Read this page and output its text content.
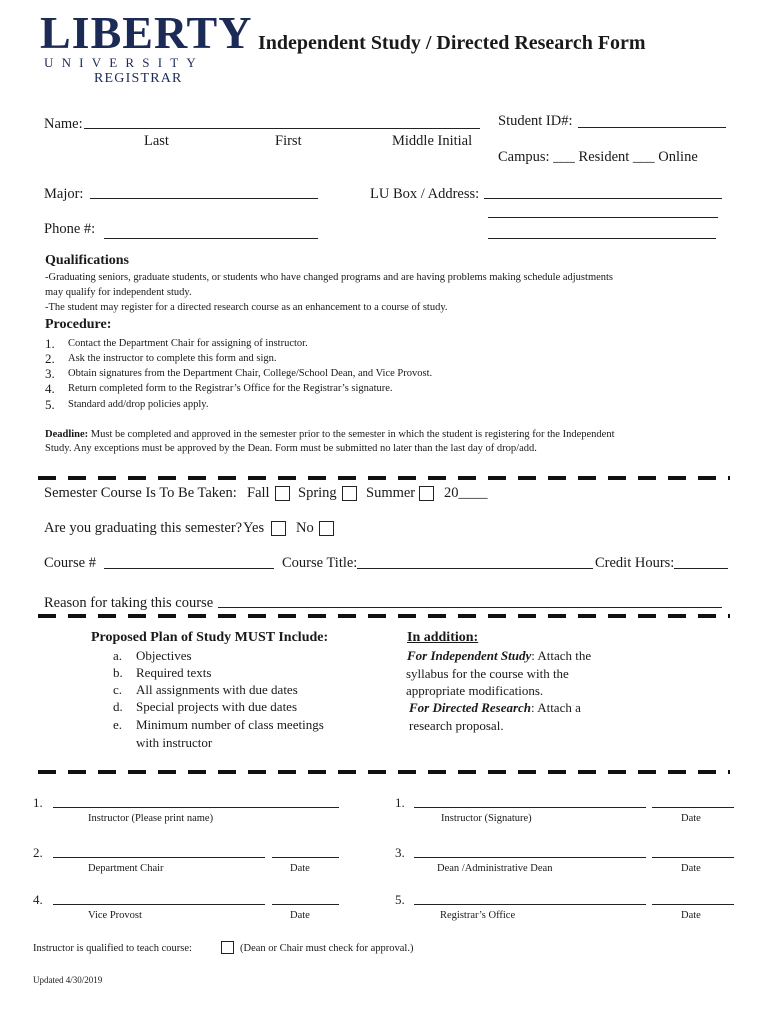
LIBERTY
UNIVERSITY
REGISTRAR
Independent Study / Directed Research Form
Name:
Last	First	Middle Initial
Student ID#:
Campus: ___ Resident ___ Online
Major:	LU Box / Address:
Phone #:
Qualifications
-Graduating seniors, graduate students, or students who have changed programs and are having problems making schedule adjustments
may qualify for independent study.
-The student may register for a directed research course as an enhancement to a course of study.
Procedure:
1. Contact the Department Chair for assigning of instructor.
2. Ask the instructor to complete this form and sign.
3. Obtain signatures from the Department Chair, College/School Dean, and Vice Provost.
4. Return completed form to the Registrar’s Office for the Registrar’s signature.
5. Standard add/drop policies apply.
Deadline: Must be completed and approved in the semester prior to the semester in which the student is registering for the Independent
Study. Any exceptions must be approved by the Dean. Form must be submitted no later than the last day of drop/add.
Semester Course Is To Be Taken: Fall Spring Summer 20____
Are you graduating this semester? Yes No
Course #	Course Title:	Credit Hours:
Reason for taking this course
Proposed Plan of Study MUST Include:
a. Objectives
b. Required texts
c. All assignments with due dates
d. Special projects with due dates
e. Minimum number of class meetings
with instructor
In addition:
For Independent Study: Attach the
syllabus for the course with the
appropriate modifications.
For Directed Research: Attach a
research proposal.
1.
Instructor (Please print name)
1.
Instructor (Signature)	Date
2.
Department Chair	Date
3.
Dean /Administrative Dean	Date
4.
Vice Provost	Date
5.
Registrar’s Office	Date
Instructor is qualified to teach course:	(Dean or Chair must check for approval.)
Updated 4/30/2019
